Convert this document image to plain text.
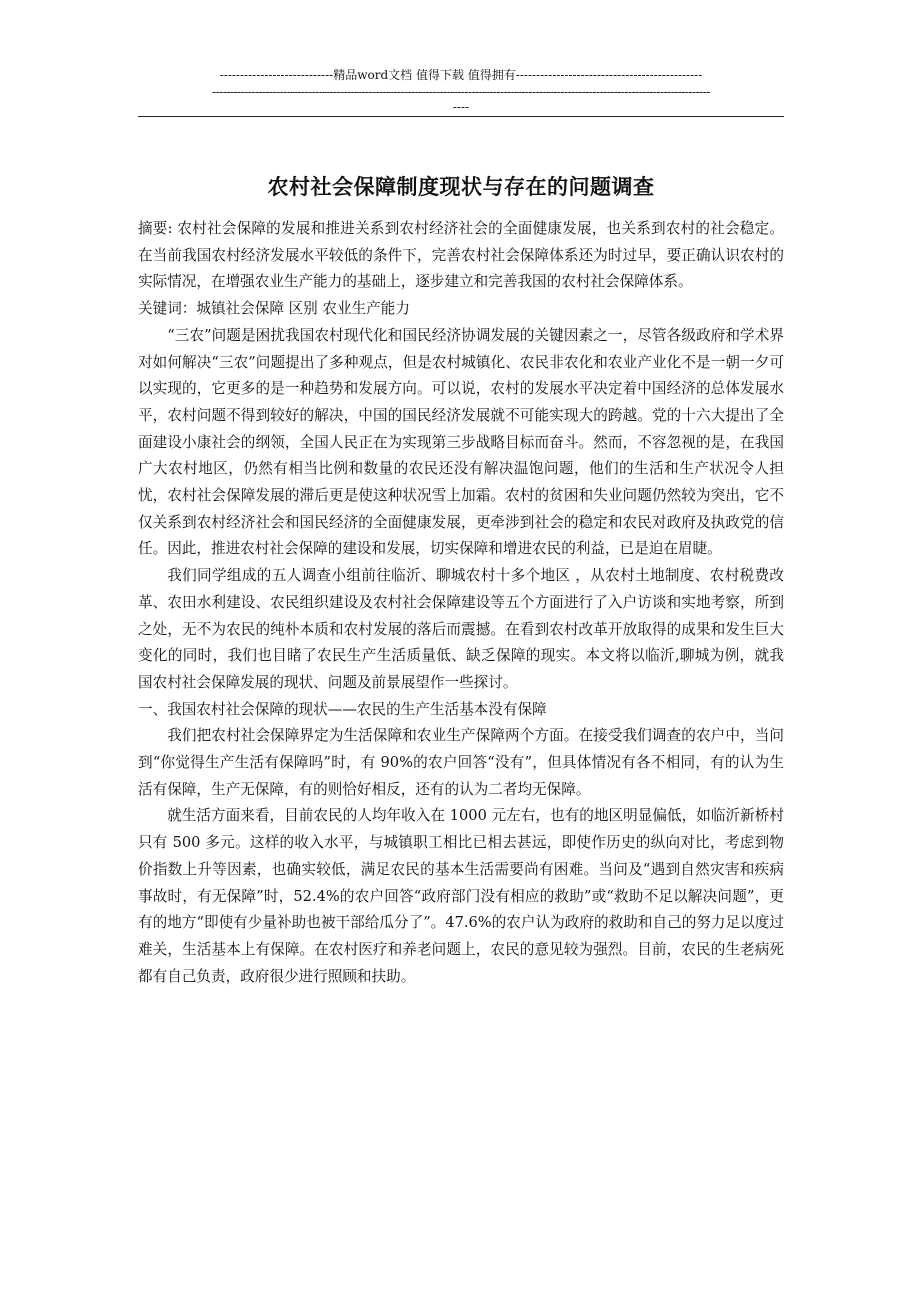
----------------------------精品word文档 值得下载 值得拥有----------------------------------------------
--------------------------------------------------------------------------------------------------------------------------------------------
----
农村社会保障制度现状与存在的问题调查

摘要: 农村社会保障的发展和推进关系到农村经济社会的全面健康发展，也关系到农村的社会稳定。在当前我国农村经济发展水平较低的条件下，完善农村社会保障体系还为时过早，要正确认识农村的实际情况，在增强农业生产能力的基础上，逐步建立和完善我国的农村社会保障体系。

关键词：城镇社会保障 区别 农业生产能力

“三农”问题是困扰我国农村现代化和国民经济协调发展的关键因素之一，尽管各级政府和学术界对如何解决“三农”问题提出了多种观点，但是农村城镇化、农民非农化和农业产业化不是一朝一夕可以实现的，它更多的是一种趋势和发展方向。可以说，农村的发展水平决定着中国经济的总体发展水平，农村问题不得到较好的解决，中国的国民经济发展就不可能实现大的跨越。党的十六大提出了全面建设小康社会的纲领，全国人民正在为实现第三步战略目标而奋斗。然而，不容忽视的是，在我国广大农村地区，仍然有相当比例和数量的农民还没有解决温饱问题，他们的生活和生产状况令人担忧，农村社会保障发展的滞后更是使这种状况雪上加霜。农村的贫困和失业问题仍然较为突出，它不仅关系到农村经济社会和国民经济的全面健康发展，更牵涉到社会的稳定和农民对政府及执政党的信任。因此，推进农村社会保障的建设和发展，切实保障和增进农民的利益，已是迫在眉睫。

我们同学组成的五人调查小组前往临沂、聊城农村十多个地区 ，从农村土地制度、农村税费改革、农田水利建设、农民组织建设及农村社会保障建设等五个方面进行了入户访谈和实地考察，所到之处，无不为农民的纯朴本质和农村发展的落后而震撼。在看到农村改革开放取得的成果和发生巨大变化的同时，我们也目睹了农民生产生活质量低、缺乏保障的现实。本文将以临沂,聊城为例，就我国农村社会保障发展的现状、问题及前景展望作一些探讨。

一、我国农村社会保障的现状——农民的生产生活基本没有保障

我们把农村社会保障界定为生活保障和农业生产保障两个方面。在接受我们调查的农户中，当问到“你觉得生产生活有保障吗”时，有 90%的农户回答“没有”，但具体情况有各不相同，有的认为生活有保障，生产无保障，有的则恰好相反，还有的认为二者均无保障。

就生活方面来看，目前农民的人均年收入在 1000 元左右，也有的地区明显偏低，如临沂新桥村只有 500 多元。这样的收入水平，与城镇职工相比已相去甚远，即使作历史的纵向对比，考虑到物价指数上升等因素，也确实较低，满足农民的基本生活需要尚有困难。当问及“遇到自然灾害和疾病事故时，有无保障”时，52.4%的农户回答“政府部门没有相应的救助”或“救助不足以解决问题”，更有的地方“即使有少量补助也被干部给瓜分了”。47.6%的农户认为政府的救助和自己的努力足以度过难关，生活基本上有保障。在农村医疗和养老问题上，农民的意见较为强烈。目前，农民的生老病死都有自己负责，政府很少进行照顾和扶助。
